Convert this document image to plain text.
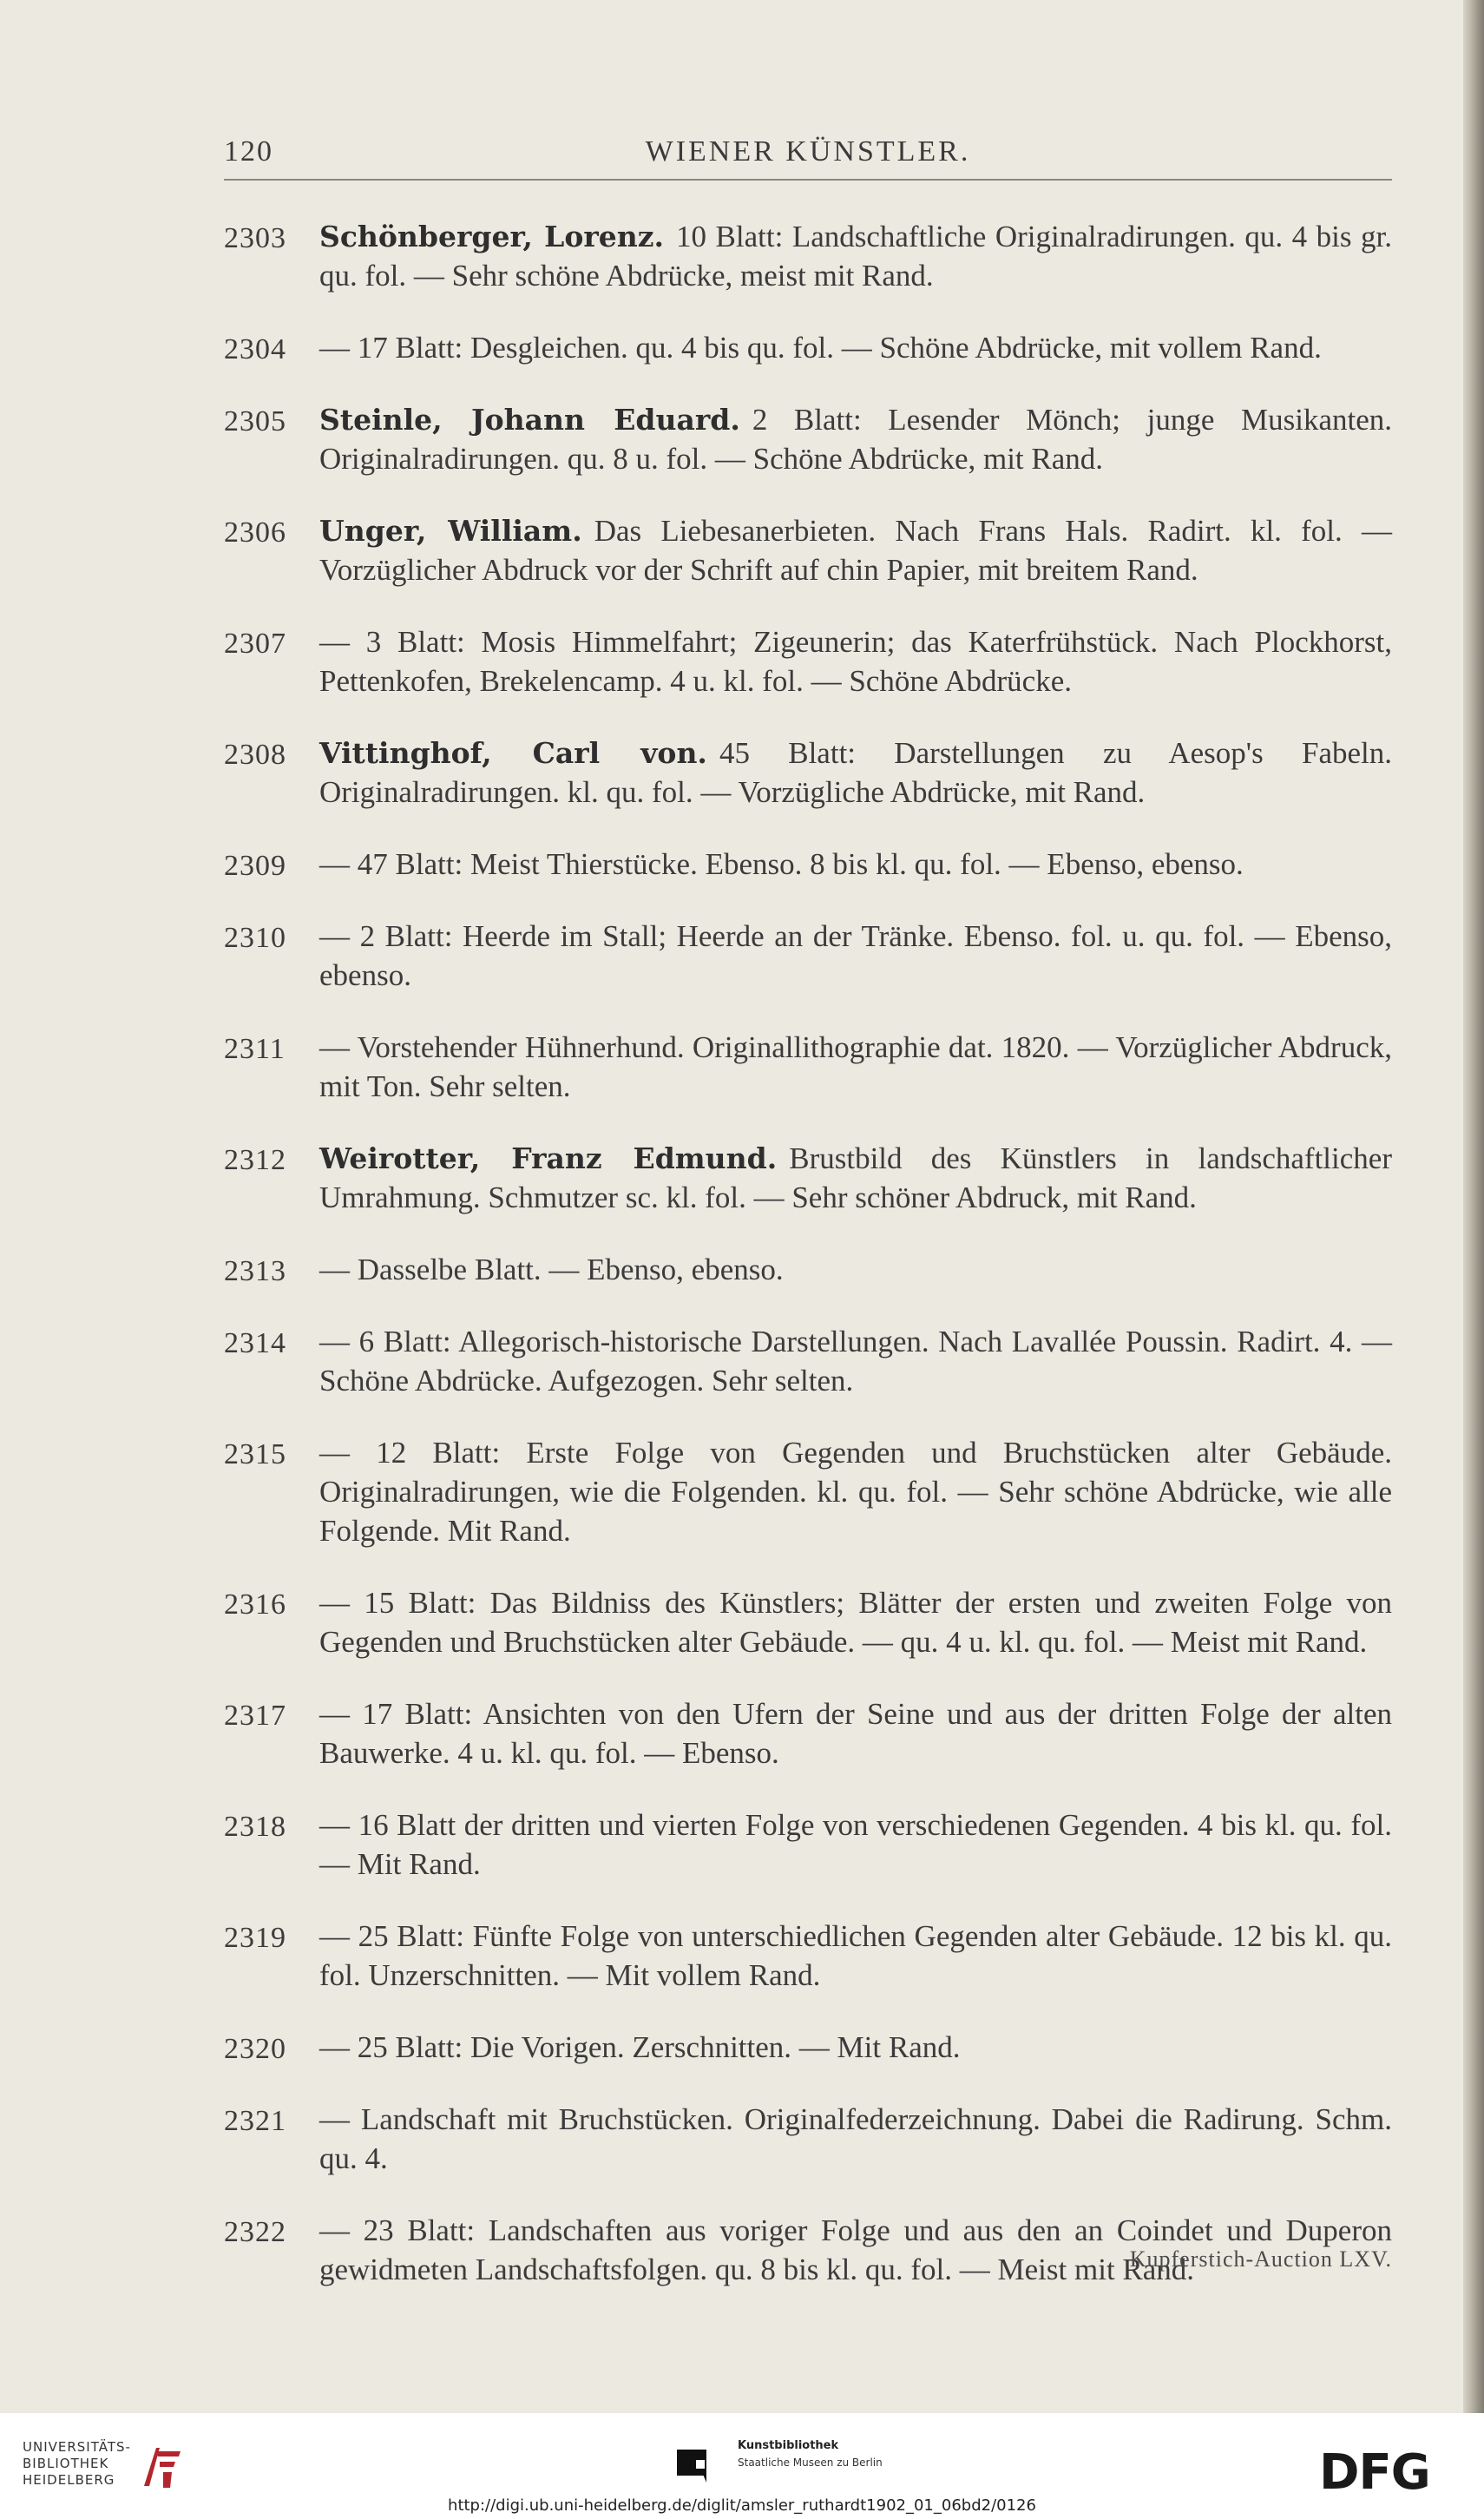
120	WIENER KÜNSTLER.
2303 Schönberger, Lorenz. 10 Blatt: Landschaftliche Originalradirungen. qu. 4 bis gr. qu. fol. — Sehr schöne Abdrücke, meist mit Rand.
2304 — 17 Blatt: Desgleichen. qu. 4 bis qu. fol. — Schöne Abdrücke, mit vollem Rand.
2305 Steinle, Johann Eduard. 2 Blatt: Lesender Mönch; junge Musikanten. Originalradirungen. qu. 8 u. fol. — Schöne Abdrücke, mit Rand.
2306 Unger, William. Das Liebesanerbieten. Nach Frans Hals. Radirt. kl. fol. — Vorzüglicher Abdruck vor der Schrift auf chin Papier, mit breitem Rand.
2307 — 3 Blatt: Mosis Himmelfahrt; Zigeunerin; das Katerfrühstück. Nach Plockhorst, Pettenkofen, Brekelencamp. 4 u. kl. fol. — Schöne Abdrücke.
2308 Vittinghof, Carl von. 45 Blatt: Darstellungen zu Aesop's Fabeln. Originalradirungen. kl. qu. fol. — Vorzügliche Abdrücke, mit Rand.
2309 — 47 Blatt: Meist Thierstücke. Ebenso. 8 bis kl. qu. fol. — Ebenso, ebenso.
2310 — 2 Blatt: Heerde im Stall; Heerde an der Tränke. Ebenso. fol. u. qu. fol. — Ebenso, ebenso.
2311 — Vorstehender Hühnerhund. Originallithographie dat. 1820. — Vorzüglicher Abdruck, mit Ton. Sehr selten.
2312 Weirotter, Franz Edmund. Brustbild des Künstlers in landschaftlicher Umrahmung. Schmutzer sc. kl. fol. — Sehr schöner Abdruck, mit Rand.
2313 — Dasselbe Blatt. — Ebenso, ebenso.
2314 — 6 Blatt: Allegorisch-historische Darstellungen. Nach Lavallée Poussin. Radirt. 4. — Schöne Abdrücke. Aufgezogen. Sehr selten.
2315 — 12 Blatt: Erste Folge von Gegenden und Bruchstücken alter Gebäude. Originalradirungen, wie die Folgenden. kl. qu. fol. — Sehr schöne Abdrücke, wie alle Folgende. Mit Rand.
2316 — 15 Blatt: Das Bildniss des Künstlers; Blätter der ersten und zweiten Folge von Gegenden und Bruchstücken alter Gebäude. — qu. 4 u. kl. qu. fol. — Meist mit Rand.
2317 — 17 Blatt: Ansichten von den Ufern der Seine und aus der dritten Folge der alten Bauwerke. 4 u. kl. qu. fol. — Ebenso.
2318 — 16 Blatt der dritten und vierten Folge von verschiedenen Gegenden. 4 bis kl. qu. fol. — Mit Rand.
2319 — 25 Blatt: Fünfte Folge von unterschiedlichen Gegenden alter Gebäude. 12 bis kl. qu. fol. Unzerschnitten. — Mit vollem Rand.
2320 — 25 Blatt: Die Vorigen. Zerschnitten. — Mit Rand.
2321 — Landschaft mit Bruchstücken. Originalfederzeichnung. Dabei die Radirung. Schm. qu. 4.
2322 — 23 Blatt: Landschaften aus voriger Folge und aus den an Coindet und Duperon gewidmeten Landschaftsfolgen. qu. 8 bis kl. qu. fol. — Meist mit Rand.
Kupferstich-Auction LXV.
UNIVERSITÄTS-
BIBLIOTHEK
HEIDELBERG
Kunstbibliothek
Staatliche Museen zu Berlin	DFG
http://digi.ub.uni-heidelberg.de/diglit/amsler_ruthardt1902_01_06bd2/0126
